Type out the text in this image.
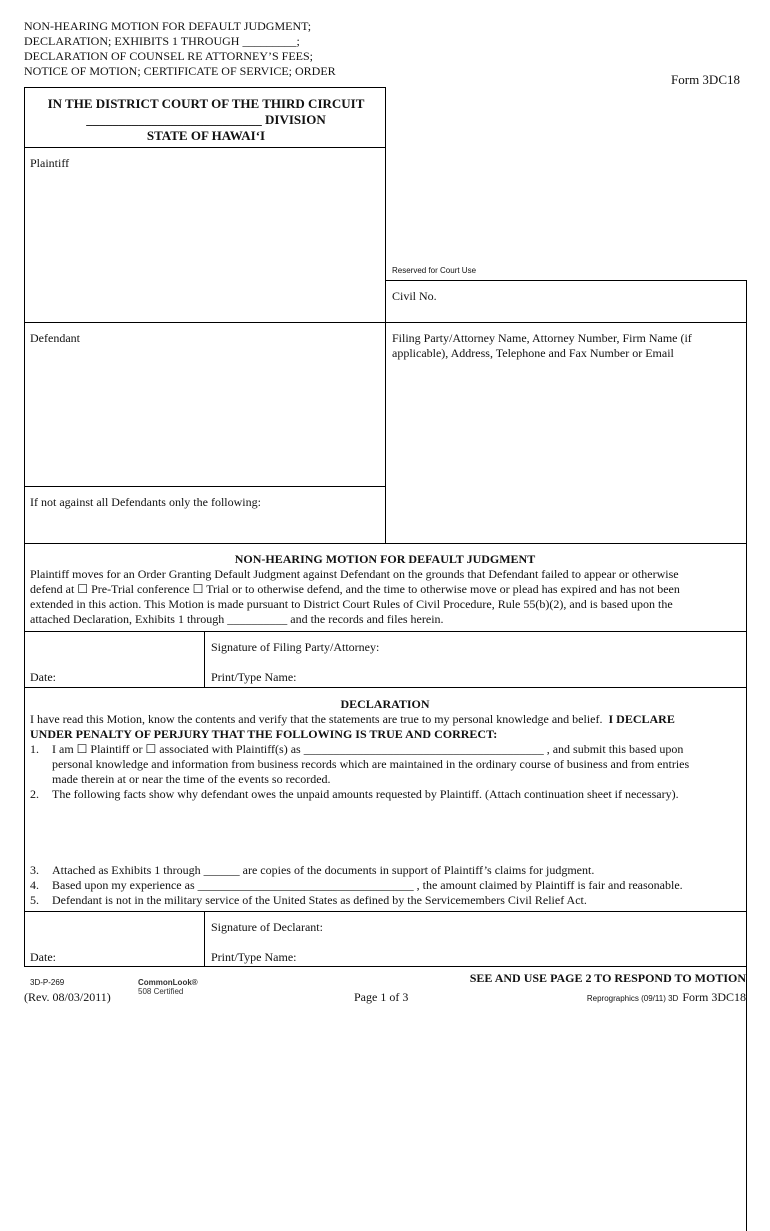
NON-HEARING MOTION FOR DEFAULT JUDGMENT;
DECLARATION; EXHIBITS 1 THROUGH _________;
DECLARATION OF COUNSEL RE ATTORNEY’S FEES;
NOTICE OF MOTION; CERTIFICATE OF SERVICE; ORDER
Form 3DC18
IN THE DISTRICT COURT OF THE THIRD CIRCUIT
___________________________ DIVISION
STATE OF HAWAI‘I
Plaintiff
Defendant
If not against all Defendants only the following:
Reserved for Court Use
Civil No.
Filing Party/Attorney Name, Attorney Number, Firm Name (if
applicable), Address, Telephone and Fax Number or Email
NON-HEARING MOTION FOR DEFAULT JUDGMENT
Plaintiff moves for an Order Granting Default Judgment against Defendant on the grounds that Defendant failed to appear or otherwise
defend at ☐ Pre-Trial conference ☐ Trial or to otherwise defend, and the time to otherwise move or plead has expired and has not been
extended in this action. This Motion is made pursuant to District Court Rules of Civil Procedure, Rule 55(b)(2), and is based upon the
attached Declaration, Exhibits 1 through __________ and the records and files herein.
Signature of Filing Party/Attorney:
Date:	Print/Type Name:
DECLARATION
I have read this Motion, know the contents and verify that the statements are true to my personal knowledge and belief.  I DECLARE
UNDER PENALTY OF PERJURY THAT THE FOLLOWING IS TRUE AND CORRECT:
1. I am ☐ Plaintiff or ☐ associated with Plaintiff(s) as ________________________________________ , and submit this based upon
personal knowledge and information from business records which are maintained in the ordinary course of business and from entries
made therein at or near the time of the events so recorded.
2. The following facts show why defendant owes the unpaid amounts requested by Plaintiff. (Attach continuation sheet if necessary).
3. Attached as Exhibits 1 through ______ are copies of the documents in support of Plaintiff’s claims for judgment.
4. Based upon my experience as ____________________________________ , the amount claimed by Plaintiff is fair and reasonable.
5. Defendant is not in the military service of the United States as defined by the Servicemembers Civil Relief Act.
Signature of Declarant:
Date:	Print/Type Name:
3D-P-269
(Rev. 08/03/2011)
CommonLook®
508 Certified	Page 1 of 3
SEE AND USE PAGE 2 TO RESPOND TO MOTION
Reprographics (09/11) 3D Form 3DC18
